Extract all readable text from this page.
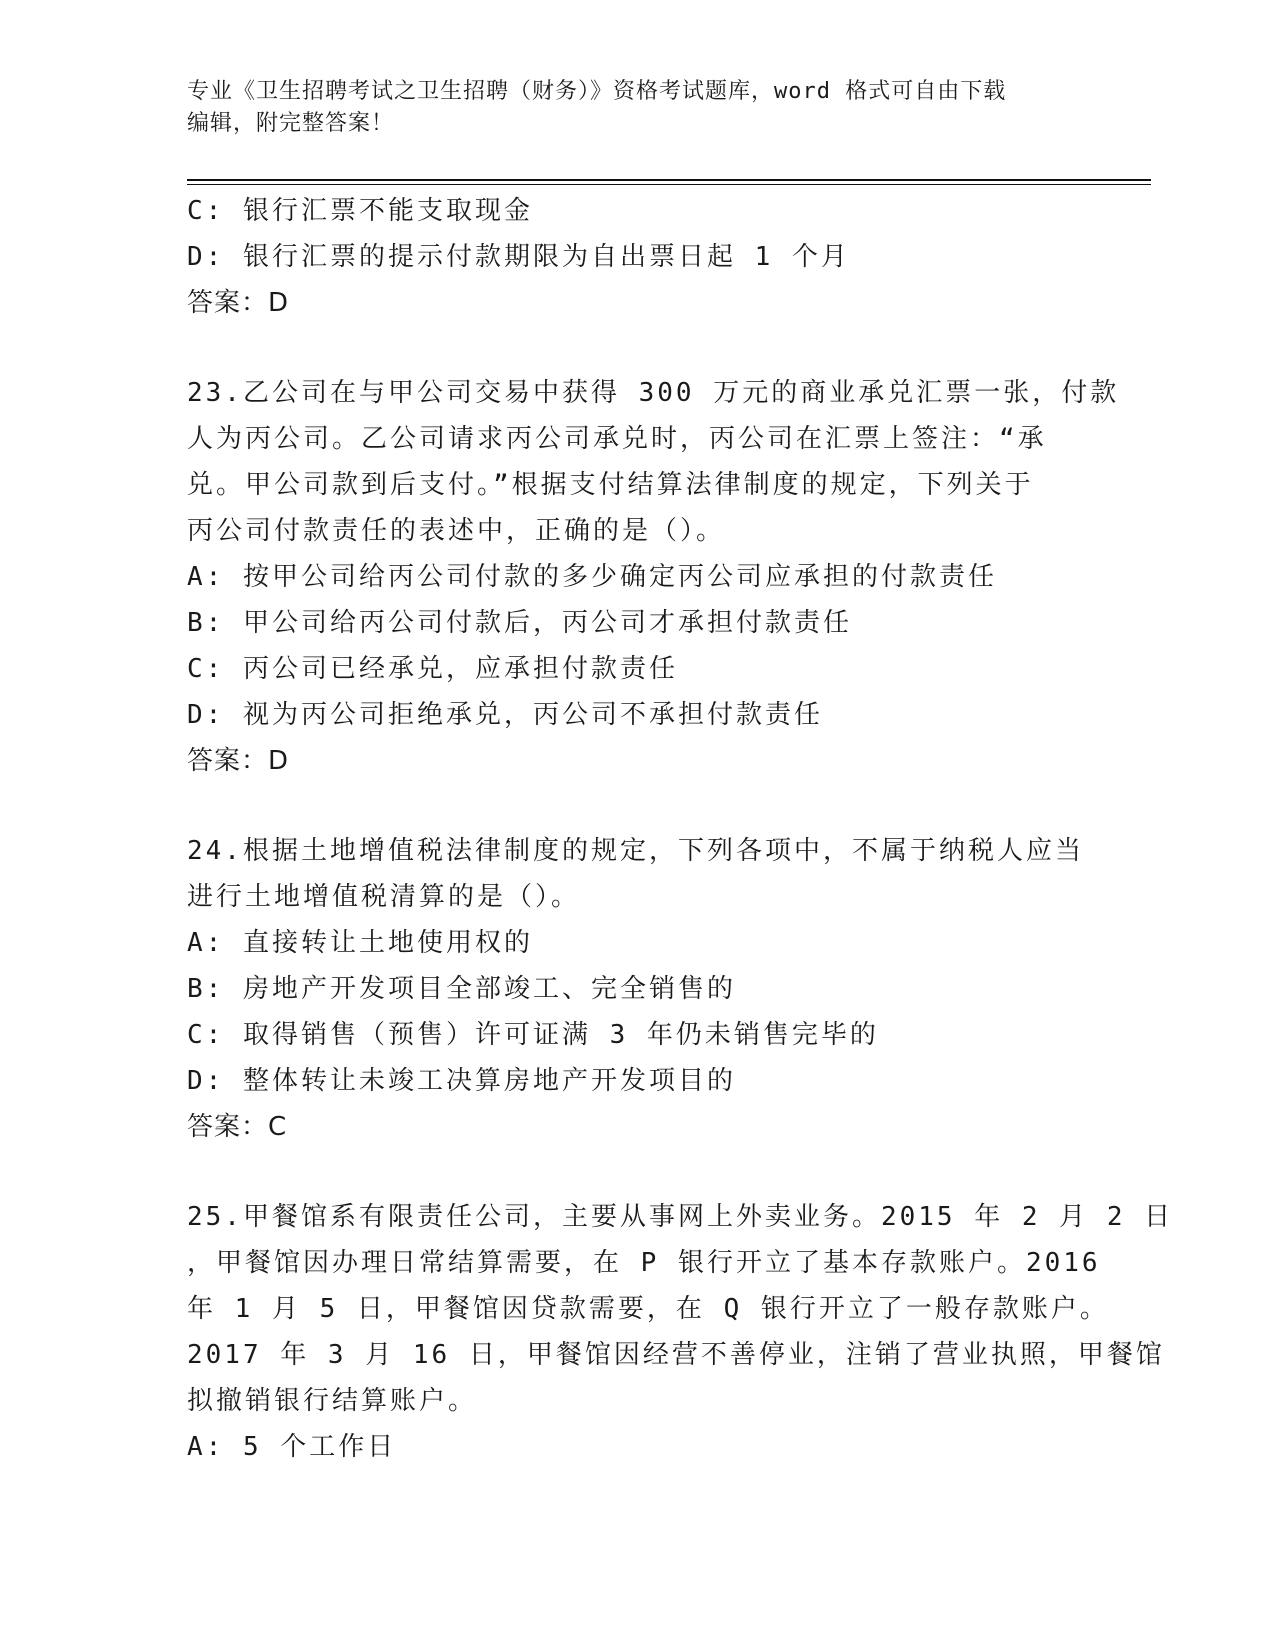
专业《卫生招聘考试之卫生招聘（财务）》资格考试题库，word 格式可自由下载
编辑，附完整答案！
C: 银行汇票不能支取现金
D: 银行汇票的提示付款期限为自出票日起 1 个月
答案：D
23.乙公司在与甲公司交易中获得 300 万元的商业承兑汇票一张，付款
人为丙公司。乙公司请求丙公司承兑时，丙公司在汇票上签注：“承
兑。甲公司款到后支付。”根据支付结算法律制度的规定，下列关于
丙公司付款责任的表述中，正确的是（）。
A: 按甲公司给丙公司付款的多少确定丙公司应承担的付款责任
B: 甲公司给丙公司付款后，丙公司才承担付款责任
C: 丙公司已经承兑，应承担付款责任
D: 视为丙公司拒绝承兑，丙公司不承担付款责任
答案：D
24.根据土地增值税法律制度的规定，下列各项中，不属于纳税人应当
进行土地增值税清算的是（）。
A: 直接转让土地使用权的
B: 房地产开发项目全部竣工、完全销售的
C: 取得销售（预售）许可证满 3 年仍未销售完毕的
D: 整体转让未竣工决算房地产开发项目的
答案：C
25.甲餐馆系有限责任公司，主要从事网上外卖业务。2015 年 2 月 2 日
，甲餐馆因办理日常结算需要，在 P 银行开立了基本存款账户。2016
年 1 月 5 日，甲餐馆因贷款需要，在 Q 银行开立了一般存款账户。
2017 年 3 月 16 日，甲餐馆因经营不善停业，注销了营业执照，甲餐馆
拟撤销银行结算账户。
A: 5 个工作日
